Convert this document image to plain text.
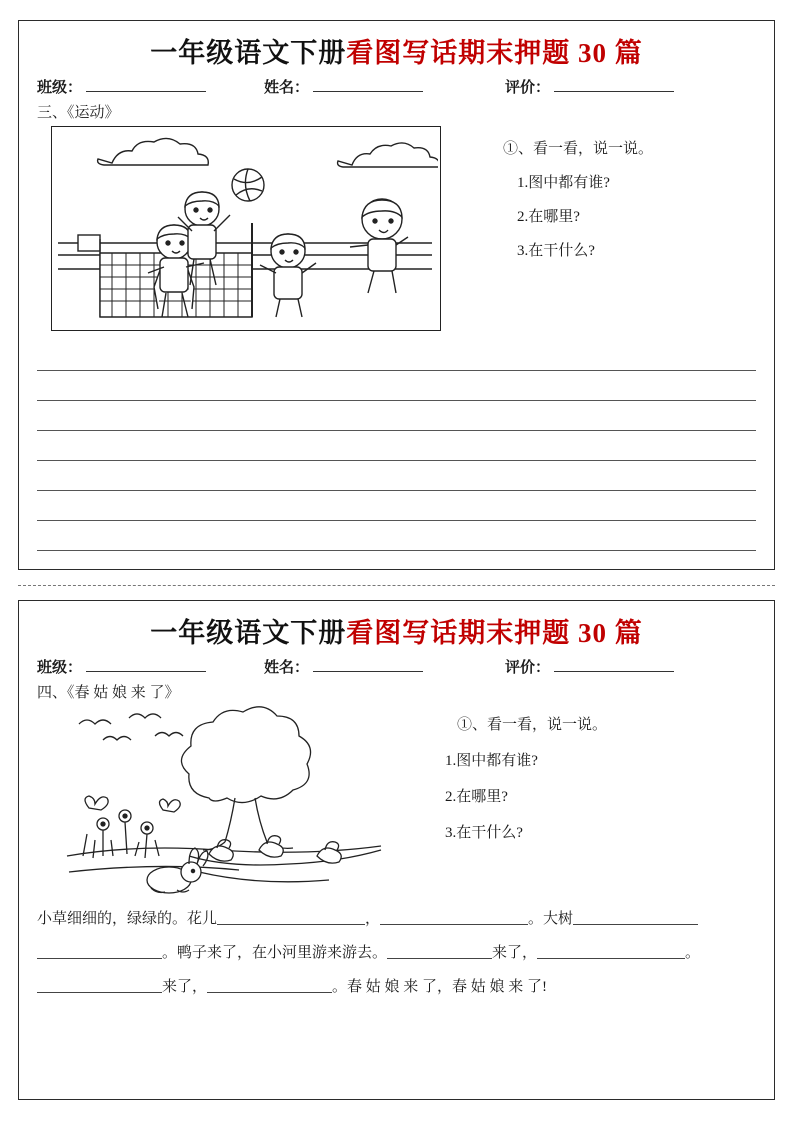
一年级语文下册 看图写话期末押题 30 篇
班级：	姓名：	评价：
三、《运动》
①、看一看，说一说。
1.图中都有谁?
2.在哪里?
3.在干什么?
一年级语文下册 看图写话期末押题 30 篇
班级：	姓名：	评价：
四、《春 姑 娘 来 了》
①、看一看，说一说。
1.图中都有谁?
2.在哪里?
3.在干什么?
小草细细的，绿绿的。花儿	，	。大树
。鸭子来了，在小河里游来游去。	来了，	。
来了，	。春 姑 娘 来 了，春 姑 娘 来 了!
